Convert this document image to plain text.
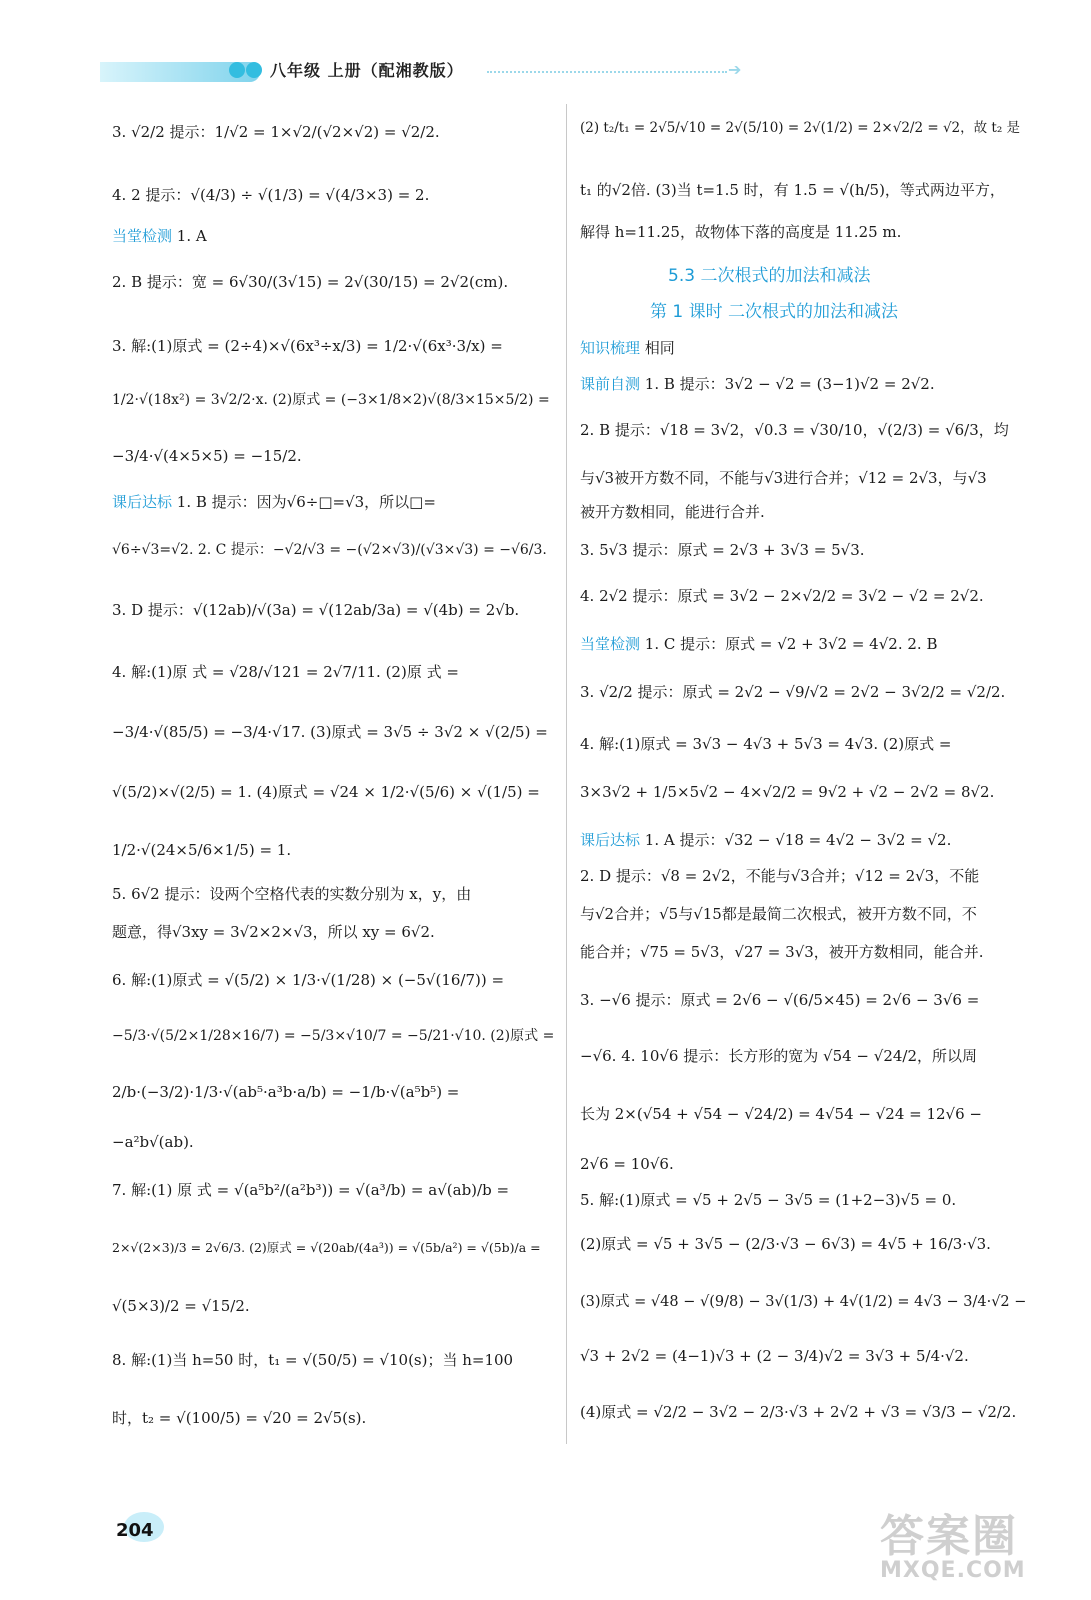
八年级 上册（配湘教版）	➔
3. √2/2 提示：1/√2 = 1×√2/(√2×√2) = √2/2.
4. 2 提示：√(4/3) ÷ √(1/3) = √(4/3×3) = 2.
当堂检测 1. A
2. B 提示：宽 = 6√30/(3√15) = 2√(30/15) = 2√2(cm).
3. 解:(1)原式 = (2÷4)×√(6x³÷x/3) = 1/2·√(6x³·3/x) =
1/2·√(18x²) = 3√2/2·x. (2)原式 = (−3×1/8×2)√(8/3×15×5/2) =
−3/4·√(4×5×5) = −15/2.
课后达标 1. B 提示：因为√6÷□=√3，所以□=
√6÷√3=√2. 2. C 提示：−√2/√3 = −(√2×√3)/(√3×√3) = −√6/3.
3. D 提示：√(12ab)/√(3a) = √(12ab/3a) = √(4b) = 2√b.
4. 解:(1)原 式 = √28/√121 = 2√7/11. (2)原 式 =
−3/4·√(85/5) = −3/4·√17. (3)原式 = 3√5 ÷ 3√2 × √(2/5) =
√(5/2)×√(2/5) = 1. (4)原式 = √24 × 1/2·√(5/6) × √(1/5) =
1/2·√(24×5/6×1/5) = 1.
5. 6√2 提示：设两个空格代表的实数分别为 x，y，由
题意，得√3xy = 3√2×2×√3，所以 xy = 6√2.
6. 解:(1)原式 = √(5/2) × 1/3·√(1/28) × (−5√(16/7)) =
−5/3·√(5/2×1/28×16/7) = −5/3×√10/7 = −5/21·√10. (2)原式 =
2/b·(−3/2)·1/3·√(ab⁵·a³b·a/b) = −1/b·√(a⁵b⁵) =
−a²b√(ab).
7. 解:(1) 原 式 = √(a⁵b²/(a²b³)) = √(a³/b) = a√(ab)/b =
2×√(2×3)/3 = 2√6/3. (2)原式 = √(20ab/(4a³)) = √(5b/a²) = √(5b)/a =
√(5×3)/2 = √15/2.
8. 解:(1)当 h=50 时，t₁ = √(50/5) = √10(s)；当 h=100
时，t₂ = √(100/5) = √20 = 2√5(s).
(2) t₂/t₁ = 2√5/√10 = 2√(5/10) = 2√(1/2) = 2×√2/2 = √2，故 t₂ 是
t₁ 的√2倍. (3)当 t=1.5 时，有 1.5 = √(h/5)，等式两边平方，
解得 h=11.25，故物体下落的高度是 11.25 m.
5.3 二次根式的加法和减法
第 1 课时 二次根式的加法和减法
知识梳理 相同
课前自测 1. B 提示：3√2 − √2 = (3−1)√2 = 2√2.
2. B 提示：√18 = 3√2，√0.3 = √30/10，√(2/3) = √6/3，均
与√3被开方数不同，不能与√3进行合并；√12 = 2√3，与√3
被开方数相同，能进行合并.
3. 5√3 提示：原式 = 2√3 + 3√3 = 5√3.
4. 2√2 提示：原式 = 3√2 − 2×√2/2 = 3√2 − √2 = 2√2.
当堂检测 1. C 提示：原式 = √2 + 3√2 = 4√2. 2. B
3. √2/2 提示：原式 = 2√2 − √9/√2 = 2√2 − 3√2/2 = √2/2.
4. 解:(1)原式 = 3√3 − 4√3 + 5√3 = 4√3. (2)原式 =
3×3√2 + 1/5×5√2 − 4×√2/2 = 9√2 + √2 − 2√2 = 8√2.
课后达标 1. A 提示：√32 − √18 = 4√2 − 3√2 = √2.
2. D 提示：√8 = 2√2，不能与√3合并；√12 = 2√3，不能
与√2合并；√5与√15都是最简二次根式，被开方数不同，不
能合并；√75 = 5√3，√27 = 3√3，被开方数相同，能合并.
3. −√6 提示：原式 = 2√6 − √(6/5×45) = 2√6 − 3√6 =
−√6. 4. 10√6 提示：长方形的宽为 √54 − √24/2，所以周
长为 2×(√54 + √54 − √24/2) = 4√54 − √24 = 12√6 −
2√6 = 10√6.
5. 解:(1)原式 = √5 + 2√5 − 3√5 = (1+2−3)√5 = 0.
(2)原式 = √5 + 3√5 − (2/3·√3 − 6√3) = 4√5 + 16/3·√3.
(3)原式 = √48 − √(9/8) − 3√(1/3) + 4√(1/2) = 4√3 − 3/4·√2 −
√3 + 2√2 = (4−1)√3 + (2 − 3/4)√2 = 3√3 + 5/4·√2.
(4)原式 = √2/2 − 3√2 − 2/3·√3 + 2√2 + √3 = √3/3 − √2/2.
204	答案圈
MXQE.COM
